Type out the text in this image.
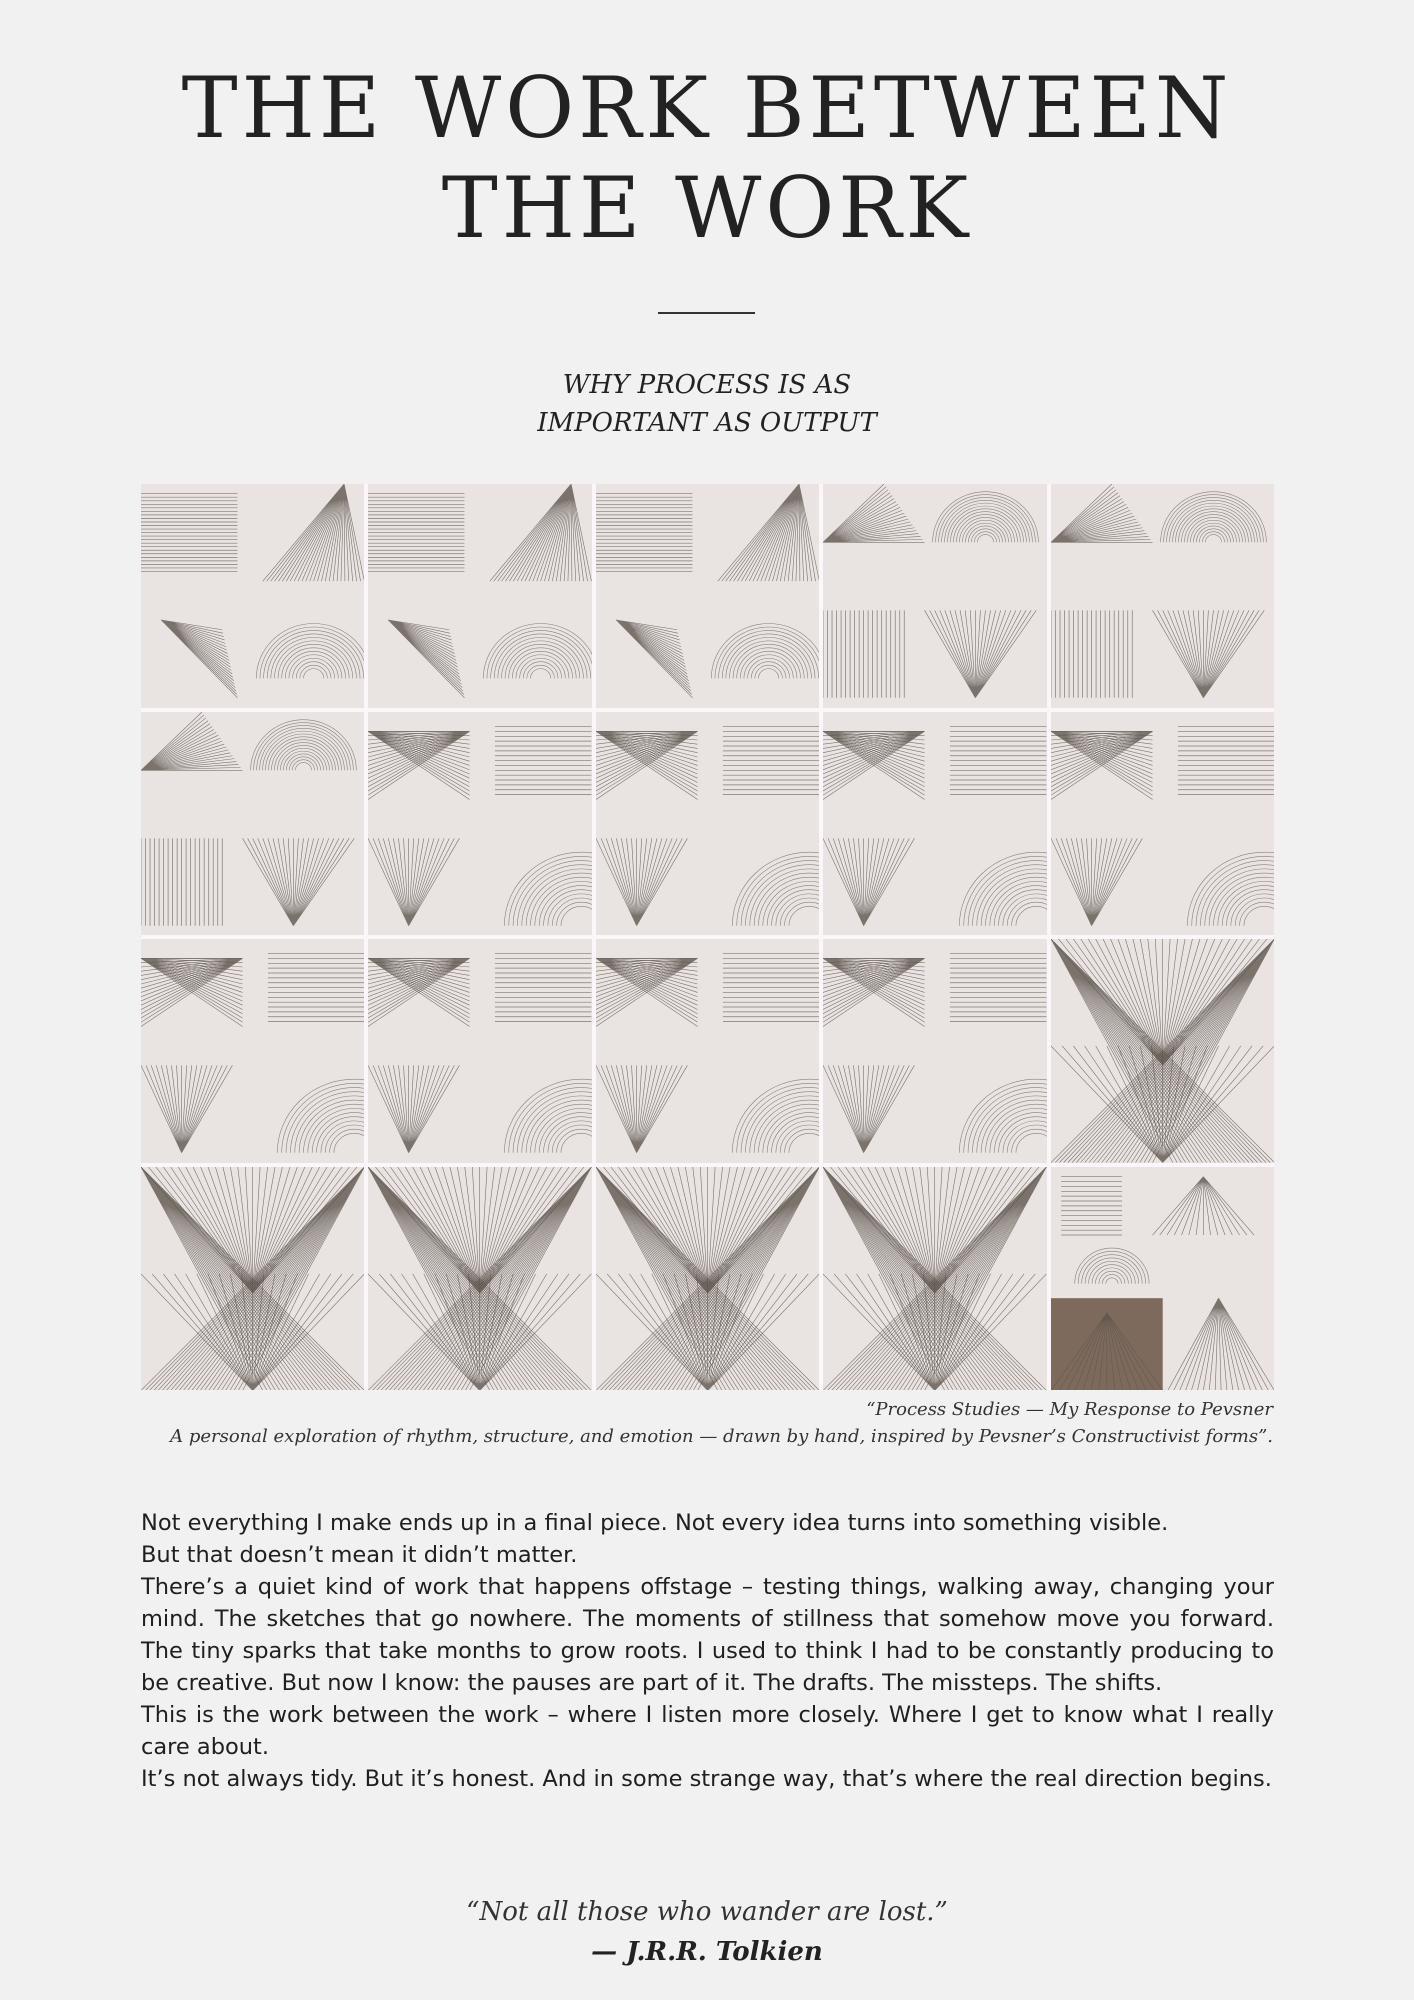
THE WORK BETWEEN
THE WORK
WHY PROCESS IS AS
IMPORTANT AS OUTPUT
“Process Studies — My Response to Pevsner
A personal exploration of rhythm, structure, and emotion — drawn by hand, inspired by Pevsner’s Constructivist forms”.

Not everything I make ends up in a final piece. Not every idea turns into something visible.

But that doesn’t mean it didn’t matter.

There’s a quiet kind of work that happens offstage – testing things, walking away, changing your mind. The sketches that go nowhere. The moments of stillness that somehow move you forward. The tiny sparks that take months to grow roots. I used to think I had to be constantly producing to be creative. But now I know: the pauses are part of it. The drafts. The missteps. The shifts.

This is the work between the work – where I listen more closely. Where I get to know what I really care about.

It’s not always tidy. But it’s honest. And in some strange way, that’s where the real direction begins.

“Not all those who wander are lost.”
— J.R.R. Tolkien
